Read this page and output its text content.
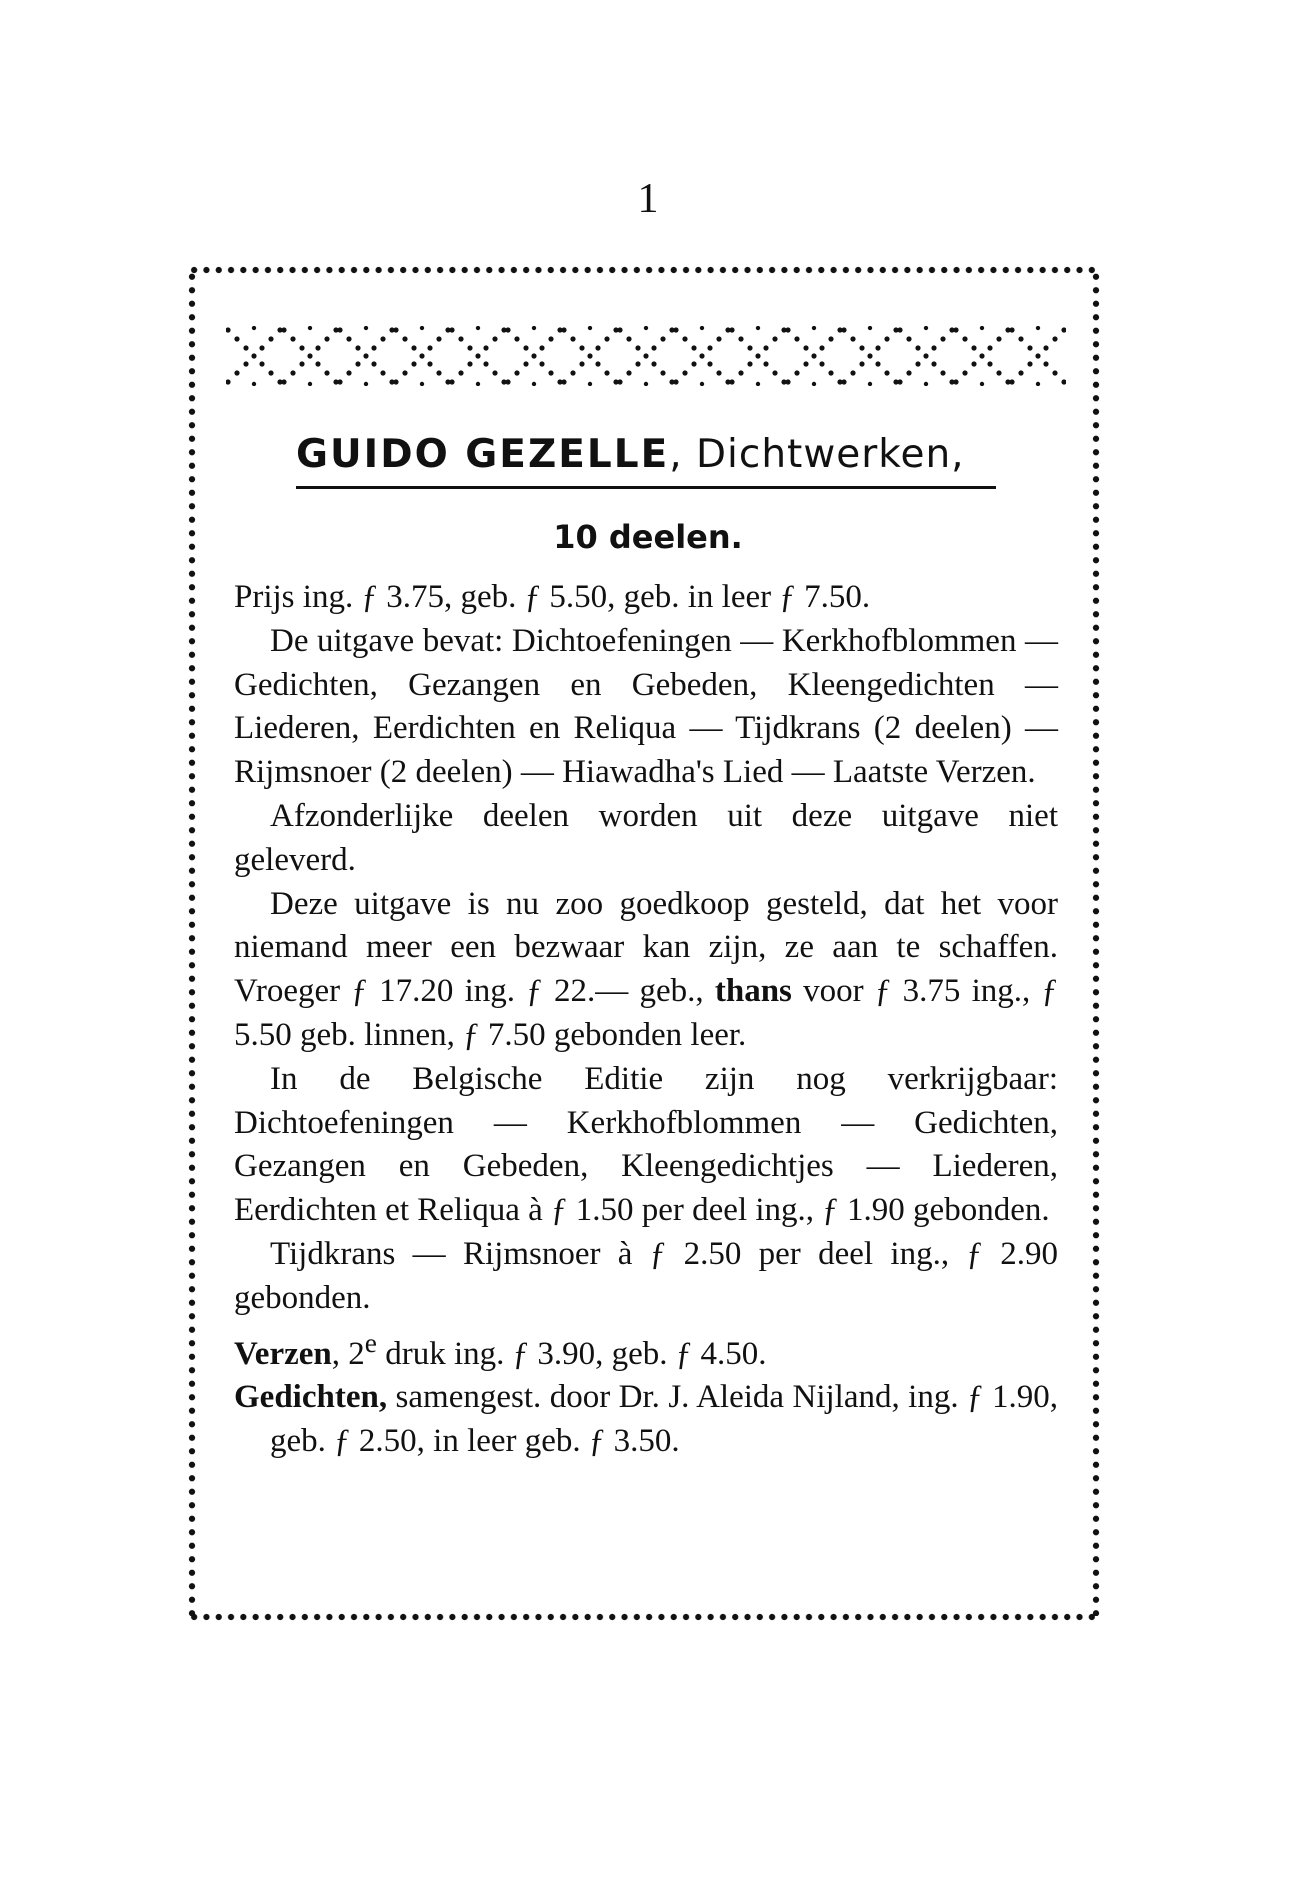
1
GUIDO GEZELLE, Dichtwerken,
10 deelen.

Prijs ing. ƒ 3.75, geb. ƒ 5.50, geb. in leer ƒ 7.50.

De uitgave bevat: Dichtoefeningen — Kerkhofblommen — Gedichten, Gezangen en Gebeden, Kleengedichten — Liederen, Eerdichten en Reliqua — Tijdkrans (2 deelen) — Rijmsnoer (2 deelen) — Hiawadha's Lied — Laatste Verzen.

Afzonderlijke deelen worden uit deze uitgave niet geleverd.

Deze uitgave is nu zoo goedkoop gesteld, dat het voor niemand meer een bezwaar kan zijn, ze aan te schaffen. Vroeger ƒ 17.20 ing. ƒ 22.— geb., thans voor ƒ 3.75 ing., ƒ 5.50 geb. linnen, ƒ 7.50 gebonden leer.

In de Belgische Editie zijn nog verkrijgbaar: Dichtoefeningen — Kerkhofblommen — Gedichten, Gezangen en Gebeden, Kleengedichtjes — Liederen, Eerdichten et Reliqua à ƒ 1.50 per deel ing., ƒ 1.90 gebonden.

Tijdkrans — Rijmsnoer à ƒ 2.50 per deel ing., ƒ 2.90 gebonden.

Verzen, 2e druk ing. ƒ 3.90, geb. ƒ 4.50.

Gedichten, samengest. door Dr. J. Aleida Nijland, ing. ƒ 1.90, geb. ƒ 2.50, in leer geb. ƒ 3.50.
